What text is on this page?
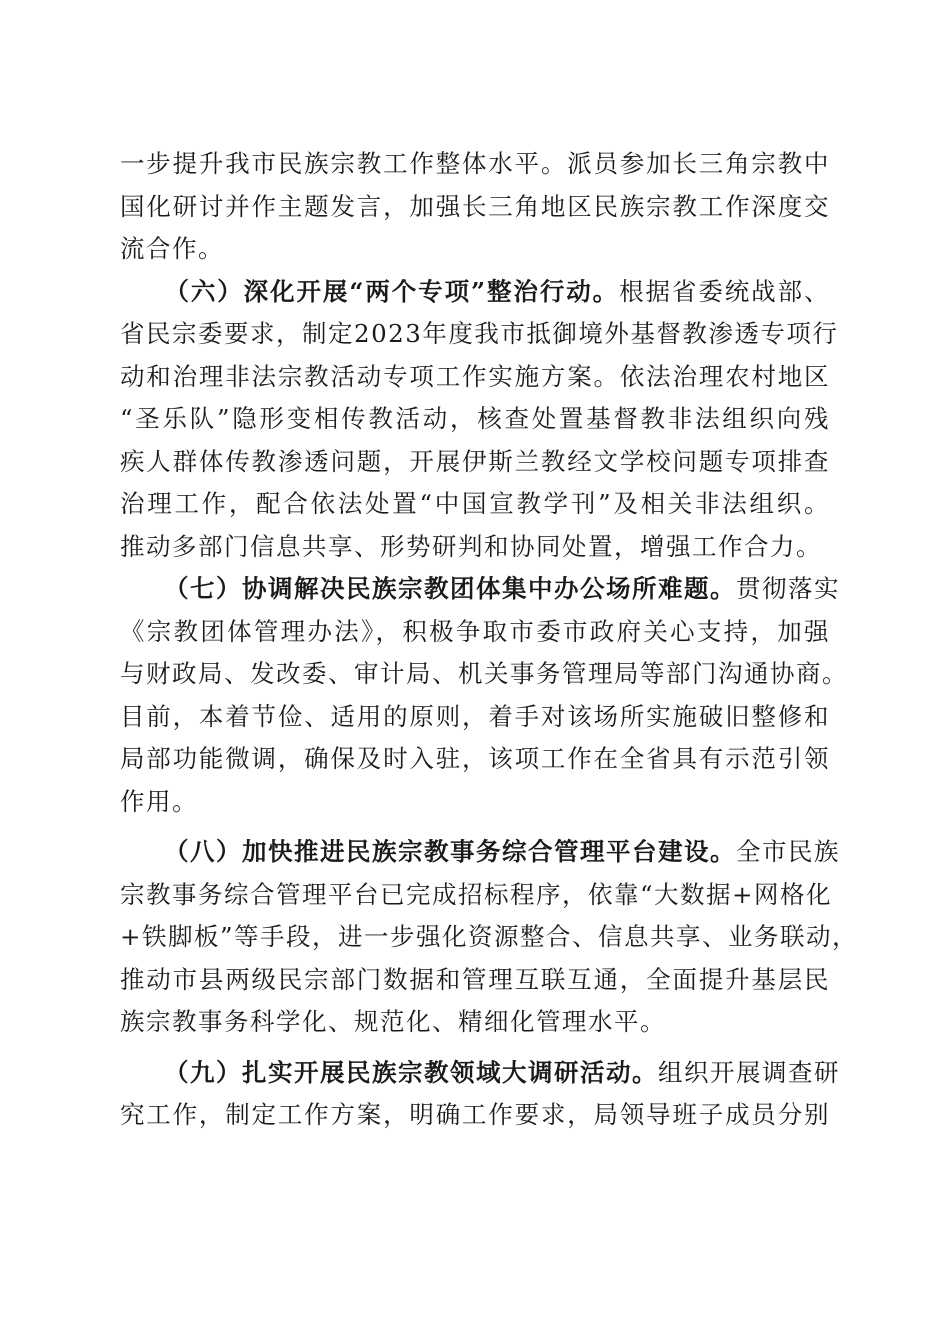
一步提升我市民族宗教工作整体水平。派员参加长三角宗教中
国化研讨并作主题发言，加强长三角地区民族宗教工作深度交
流合作。
（六）深化开展“两个专项”整治行动。根据省委统战部、
省民宗委要求，制定2023年度我市抵御境外基督教渗透专项行
动和治理非法宗教活动专项工作实施方案。依法治理农村地区
“圣乐队”隐形变相传教活动，核查处置基督教非法组织向残
疾人群体传教渗透问题，开展伊斯兰教经文学校问题专项排查
治理工作，配合依法处置“中国宣教学刊”及相关非法组织。
推动多部门信息共享、形势研判和协同处置，增强工作合力。
（七）协调解决民族宗教团体集中办公场所难题。贯彻落实
《宗教团体管理办法》，积极争取市委市政府关心支持，加强
与财政局、发改委、审计局、机关事务管理局等部门沟通协商。
目前，本着节俭、适用的原则，着手对该场所实施破旧整修和
局部功能微调，确保及时入驻，该项工作在全省具有示范引领
作用。
（八）加快推进民族宗教事务综合管理平台建设。全市民族
宗教事务综合管理平台已完成招标程序，依靠“大数据+网格化
+铁脚板”等手段，进一步强化资源整合、信息共享、业务联动，
推动市县两级民宗部门数据和管理互联互通，全面提升基层民
族宗教事务科学化、规范化、精细化管理水平。
（九）扎实开展民族宗教领域大调研活动。组织开展调查研
究工作，制定工作方案，明确工作要求，局领导班子成员分别
